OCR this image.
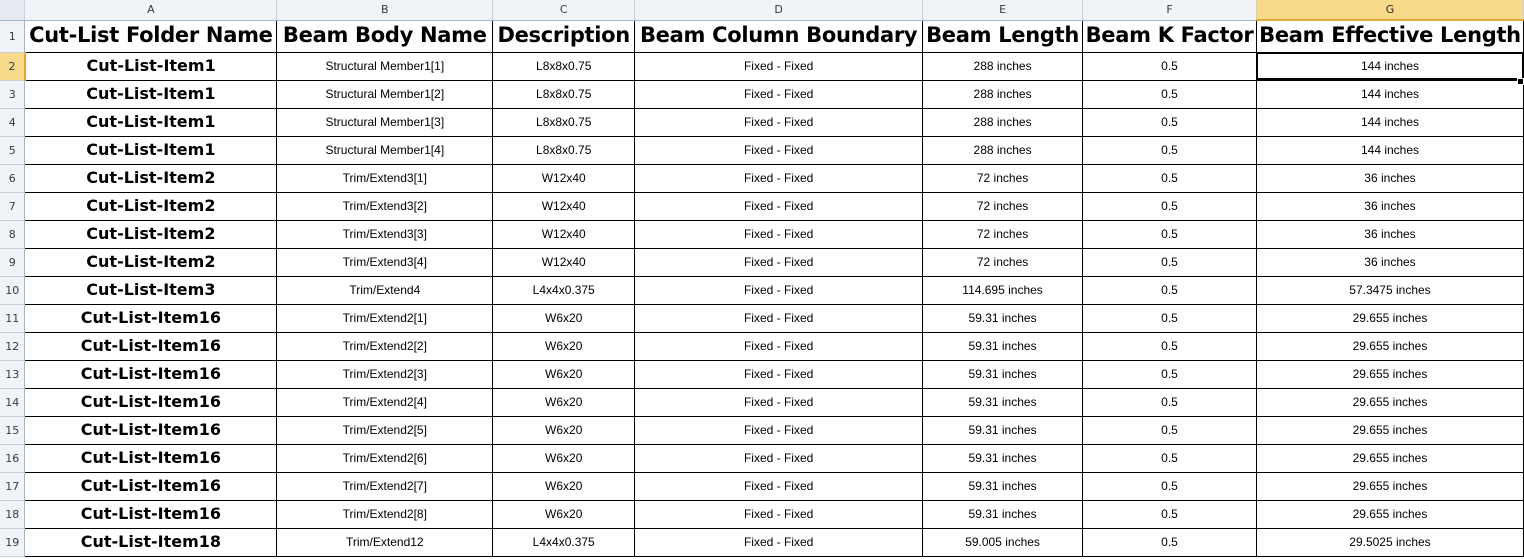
	A	B	C	D	E	F	G
1	Cut-List Folder Name	Beam Body Name	Description	Beam Column Boundary	Beam Length	Beam K Factor	Beam Effective Length
2	Cut-List-Item1	Structural Member1[1]	L8x8x0.75	Fixed - Fixed	288 inches	0.5	144 inches
3	Cut-List-Item1	Structural Member1[2]	L8x8x0.75	Fixed - Fixed	288 inches	0.5	144 inches
4	Cut-List-Item1	Structural Member1[3]	L8x8x0.75	Fixed - Fixed	288 inches	0.5	144 inches
5	Cut-List-Item1	Structural Member1[4]	L8x8x0.75	Fixed - Fixed	288 inches	0.5	144 inches
6	Cut-List-Item2	Trim/Extend3[1]	W12x40	Fixed - Fixed	72 inches	0.5	36 inches
7	Cut-List-Item2	Trim/Extend3[2]	W12x40	Fixed - Fixed	72 inches	0.5	36 inches
8	Cut-List-Item2	Trim/Extend3[3]	W12x40	Fixed - Fixed	72 inches	0.5	36 inches
9	Cut-List-Item2	Trim/Extend3[4]	W12x40	Fixed - Fixed	72 inches	0.5	36 inches
10	Cut-List-Item3	Trim/Extend4	L4x4x0.375	Fixed - Fixed	114.695 inches	0.5	57.3475 inches
11	Cut-List-Item16	Trim/Extend2[1]	W6x20	Fixed - Fixed	59.31 inches	0.5	29.655 inches
12	Cut-List-Item16	Trim/Extend2[2]	W6x20	Fixed - Fixed	59.31 inches	0.5	29.655 inches
13	Cut-List-Item16	Trim/Extend2[3]	W6x20	Fixed - Fixed	59.31 inches	0.5	29.655 inches
14	Cut-List-Item16	Trim/Extend2[4]	W6x20	Fixed - Fixed	59.31 inches	0.5	29.655 inches
15	Cut-List-Item16	Trim/Extend2[5]	W6x20	Fixed - Fixed	59.31 inches	0.5	29.655 inches
16	Cut-List-Item16	Trim/Extend2[6]	W6x20	Fixed - Fixed	59.31 inches	0.5	29.655 inches
17	Cut-List-Item16	Trim/Extend2[7]	W6x20	Fixed - Fixed	59.31 inches	0.5	29.655 inches
18	Cut-List-Item16	Trim/Extend2[8]	W6x20	Fixed - Fixed	59.31 inches	0.5	29.655 inches
19	Cut-List-Item18	Trim/Extend12	L4x4x0.375	Fixed - Fixed	59.005 inches	0.5	29.5025 inches
